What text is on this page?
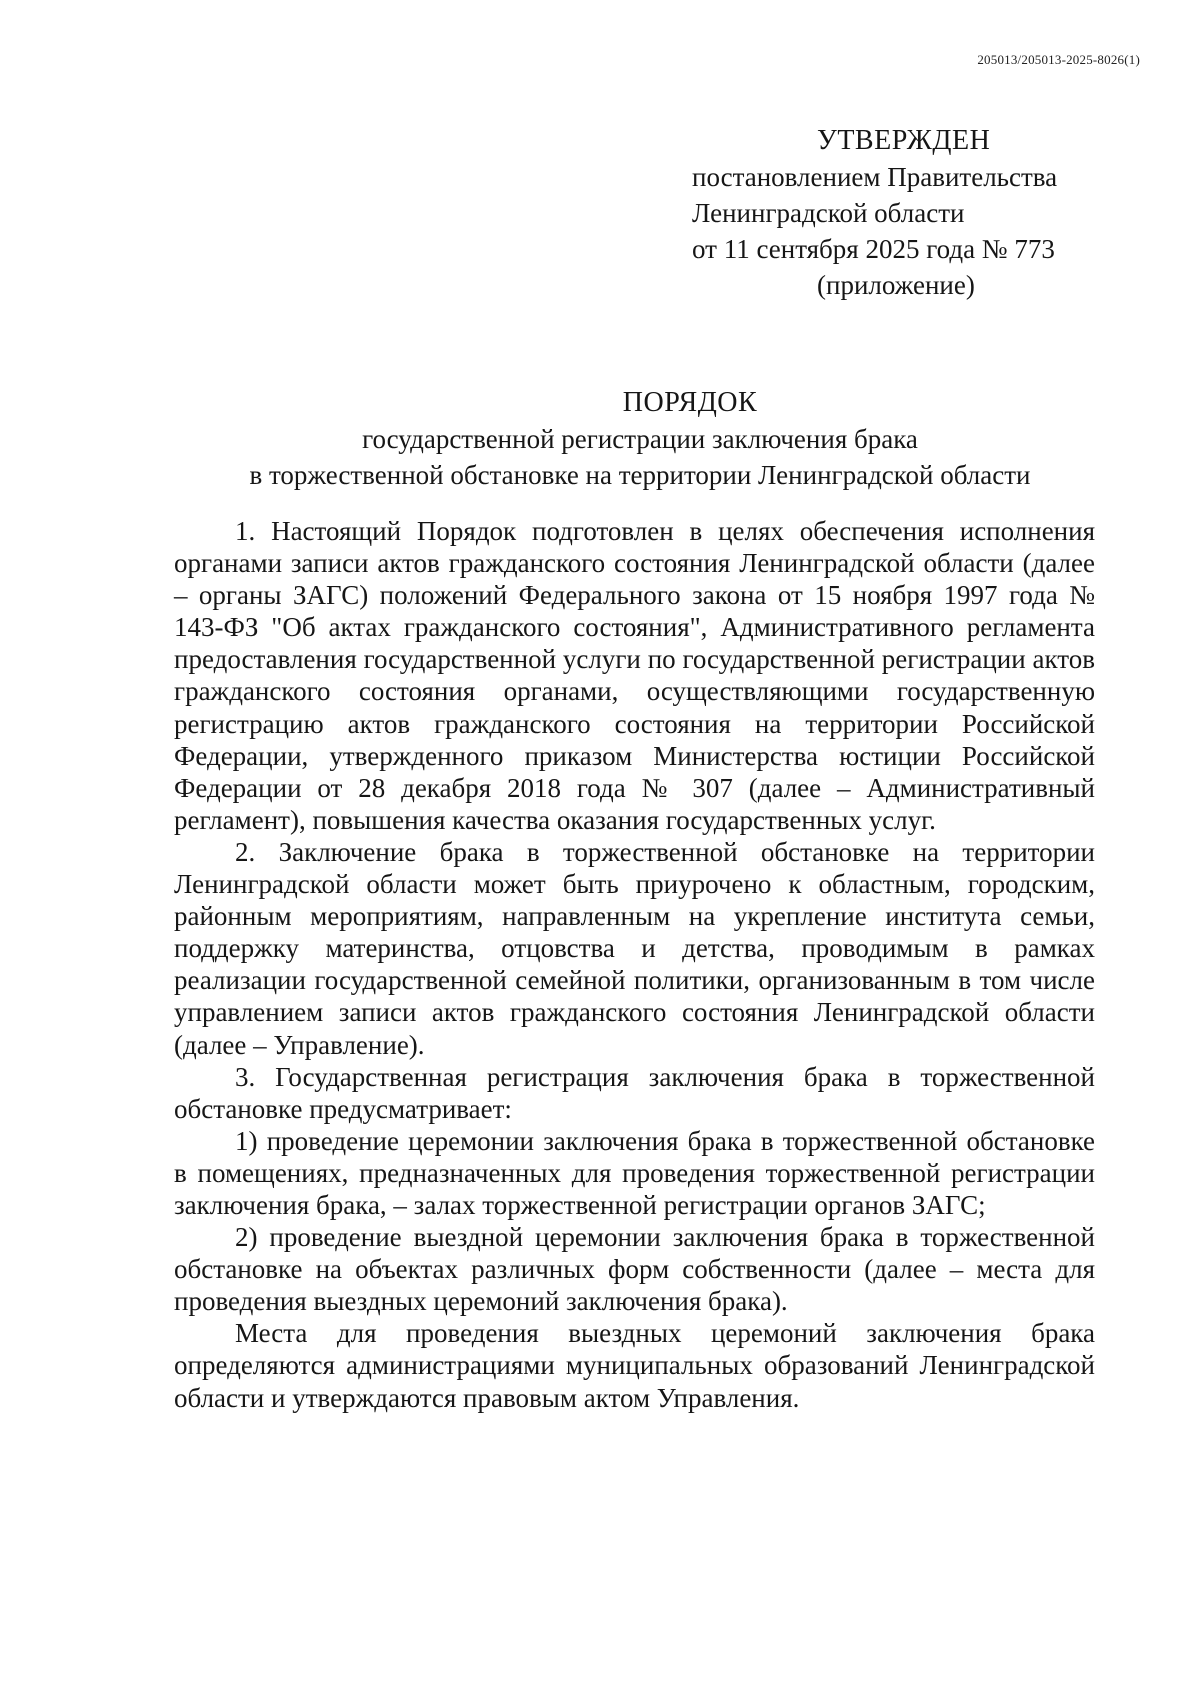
205013/205013-2025-8026(1)
УТВЕРЖДЕН
постановлением Правительства
Ленинградской области
от 11 сентября 2025 года № 773
(приложение)
ПОРЯДОК
государственной регистрации заключения брака
в торжественной обстановке на территории Ленинградской области

1. Настоящий Порядок подготовлен в целях обеспечения исполнения органами записи актов гражданского состояния Ленинградской области (далее – органы ЗАГС) положений Федерального закона от 15 ноября 1997 года № 143-ФЗ "Об актах гражданского состояния", Административного регламента предоставления государственной услуги по государственной регистрации актов гражданского состояния органами, осуществляющими государственную регистрацию актов гражданского состояния на территории Российской Федерации, утвержденного приказом Министерства юстиции Российской Федерации от 28 декабря 2018 года № 307 (далее – Административный регламент), повышения качества оказания государственных услуг.

2. Заключение брака в торжественной обстановке на территории Ленинградской области может быть приурочено к областным, городским, районным мероприятиям, направленным на укрепление института семьи, поддержку материнства, отцовства и детства, проводимым в рамках реализации государственной семейной политики, организованным в том числе управлением записи актов гражданского состояния Ленинградской области (далее – Управление).

3. Государственная регистрация заключения брака в торжественной обстановке предусматривает:

1) проведение церемонии заключения брака в торжественной обстановке в помещениях, предназначенных для проведения торжественной регистрации заключения брака, – залах торжественной регистрации органов ЗАГС;

2) проведение выездной церемонии заключения брака в торжественной обстановке на объектах различных форм собственности (далее – места для проведения выездных церемоний заключения брака).

Места для проведения выездных церемоний заключения брака определяются администрациями муниципальных образований Ленинградской области и утверждаются правовым актом Управления.
